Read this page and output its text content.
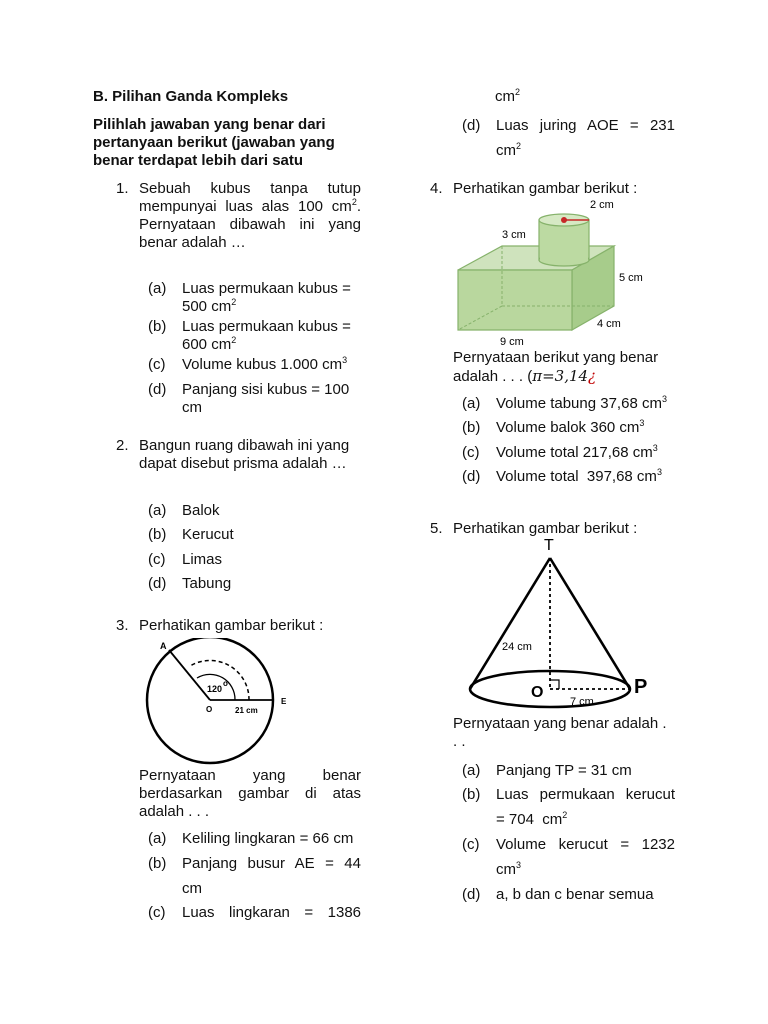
B. Pilihan Ganda Kompleks
Pilihlah jawaban yang benar dari
pertanyaan berikut (jawaban yang
benar terdapat lebih dari satu
1. Sebuah kubus tanpa tutup
mempunyai luas alas 100 $cm^2$.
Pernyataan dibawah ini yang
benar adalah …
(a) Luas permukaan kubus =
500 $cm^2$
(b) Luas permukaan kubus =
600 $cm^2$
(c) Volume kubus 1.000 $cm^3$
(d) Panjang sisi kubus = 100
cm
2. Bangun ruang dibawah ini yang
dapat disebut prisma adalah …
(a) Balok
(b) Kerucut
(c) Limas
(d) Tabung
3. Perhatikan gambar berikut :
A
O
E
120
o
21 cm
Pernyataan yang benar
berdasarkan gambar di atas
adalah . . .
(a) Keliling lingkaran = 66 cm
(b) Panjang busur AE = 44
cm
(c) Luas lingkaran = 1386
$cm^2$
(d) Luas juring AOE = 231
$cm^2$
4. Perhatikan gambar berikut :
2 cm
3 cm
5 cm
4 cm
9 cm
Pernyataan berikut yang benar
adalah . . . (π=3,14¿
(a) Volume tabung 37,68 $cm^3$
(b) Volume balok 360 $cm^3$
(c) Volume total 217,68 $cm^3$
(d) Volume total  397,68 $cm^3$
5. Perhatikan gambar berikut :
T
O	P
24 cm
7 cm
Pernyataan yang benar adalah .
. .
(a) Panjang TP = 31 cm
(b) Luas permukaan kerucut
= 704  $cm^2$
(c) Volume kerucut = 1232
$cm^3$
(d) a, b dan c benar semua
